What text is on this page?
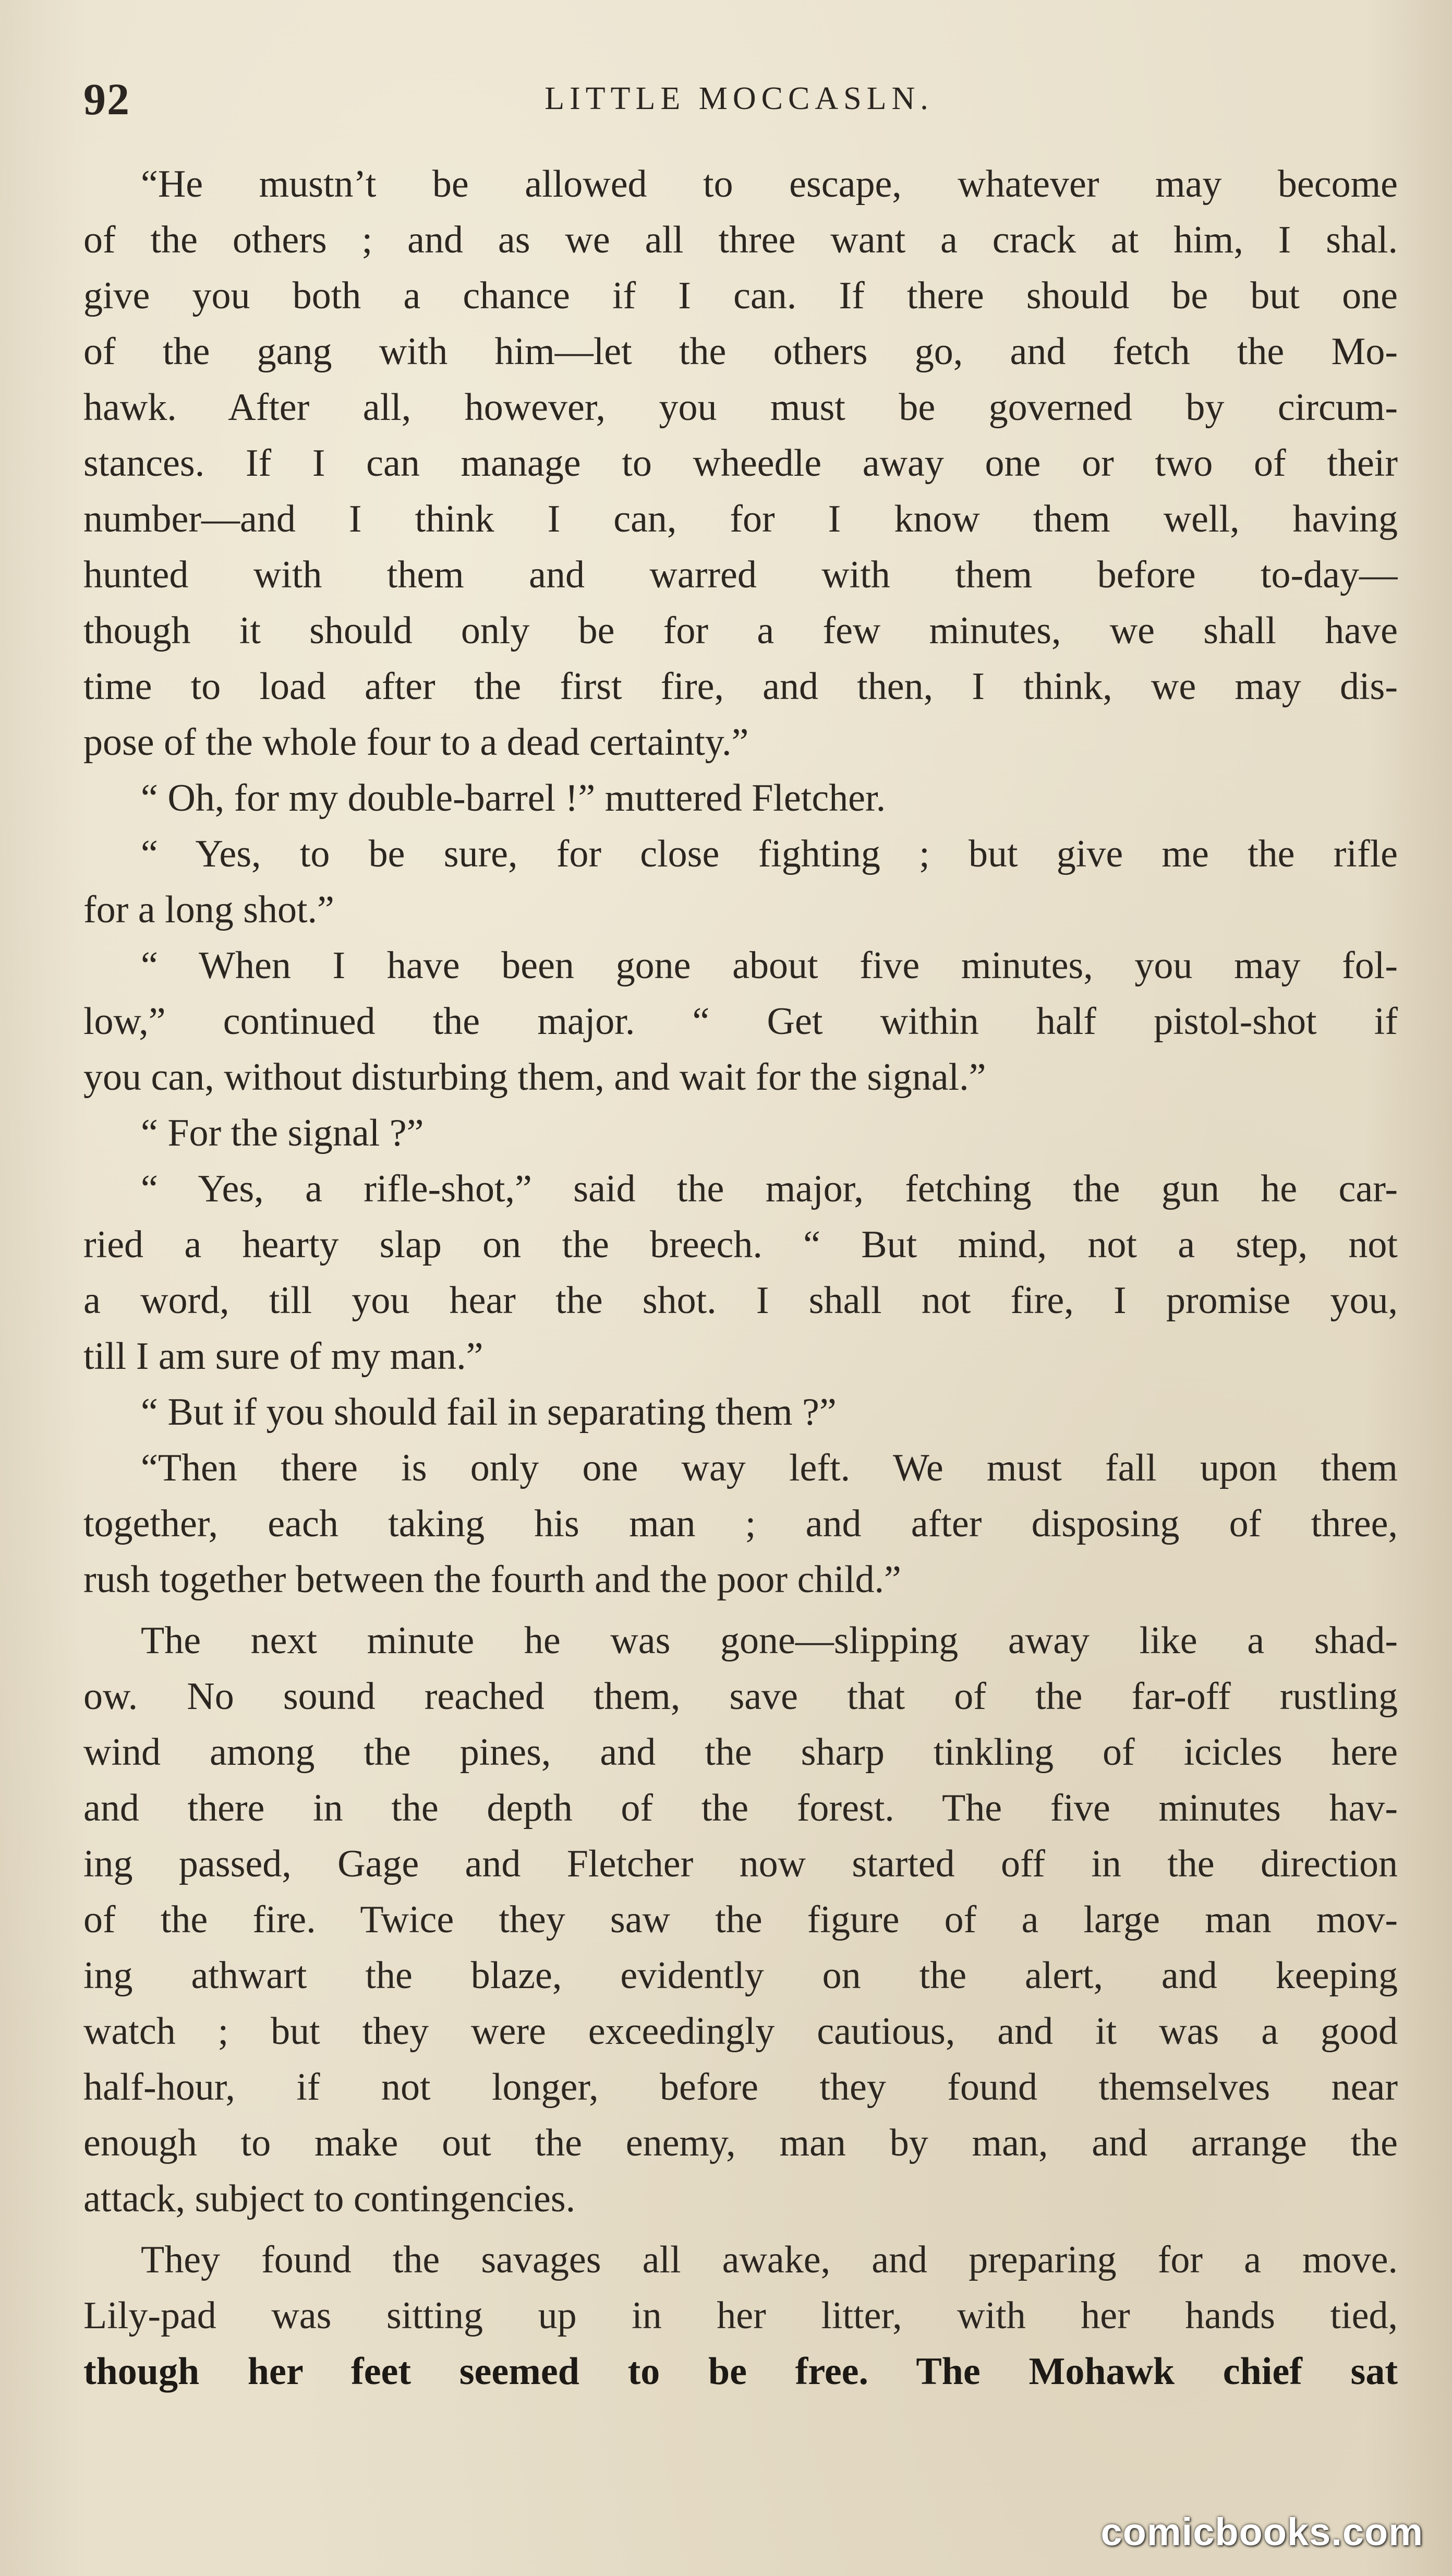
92	LITTLE MOCCASLN.
“He mustn’t be allowed to escape, whatever may become
of the others ; and as we all three want a crack at him, I shal.
give you both a chance if I can. If there should be but one
of the gang with him—let the others go, and fetch the Mo-
hawk. After all, however, you must be governed by circum-
stances. If I can manage to wheedle away one or two of their
number—and I think I can, for I know them well, having
hunted with them and warred with them before to-day—
though it should only be for a few minutes, we shall have
time to load after the first fire, and then, I think, we may dis-
pose of the whole four to a dead certainty.”
“ Oh, for my double-barrel !” muttered Fletcher.
“ Yes, to be sure, for close fighting ; but give me the rifle
for a long shot.”
“ When I have been gone about five minutes, you may fol-
low,” continued the major. “ Get within half pistol-shot if
you can, without disturbing them, and wait for the signal.”
“ For the signal ?”
“ Yes, a rifle-shot,” said the major, fetching the gun he car-
ried a hearty slap on the breech. “ But mind, not a step, not
a word, till you hear the shot. I shall not fire, I promise you,
till I am sure of my man.”
“ But if you should fail in separating them ?”
“Then there is only one way left. We must fall upon them
together, each taking his man ; and after disposing of three,
rush together between the fourth and the poor child.”
The next minute he was gone—slipping away like a shad-
ow. No sound reached them, save that of the far-off rustling
wind among the pines, and the sharp tinkling of icicles here
and there in the depth of the forest. The five minutes hav-
ing passed, Gage and Fletcher now started off in the direction
of the fire. Twice they saw the figure of a large man mov-
ing athwart the blaze, evidently on the alert, and keeping
watch ; but they were exceedingly cautious, and it was a good
half-hour, if not longer, before they found themselves near
enough to make out the enemy, man by man, and arrange the
attack, subject to contingencies.
They found the savages all awake, and preparing for a move.
Lily-pad was sitting up in her litter, with her hands tied,
though her feet seemed to be free. The Mohawk chief sat
comicbooks.com
